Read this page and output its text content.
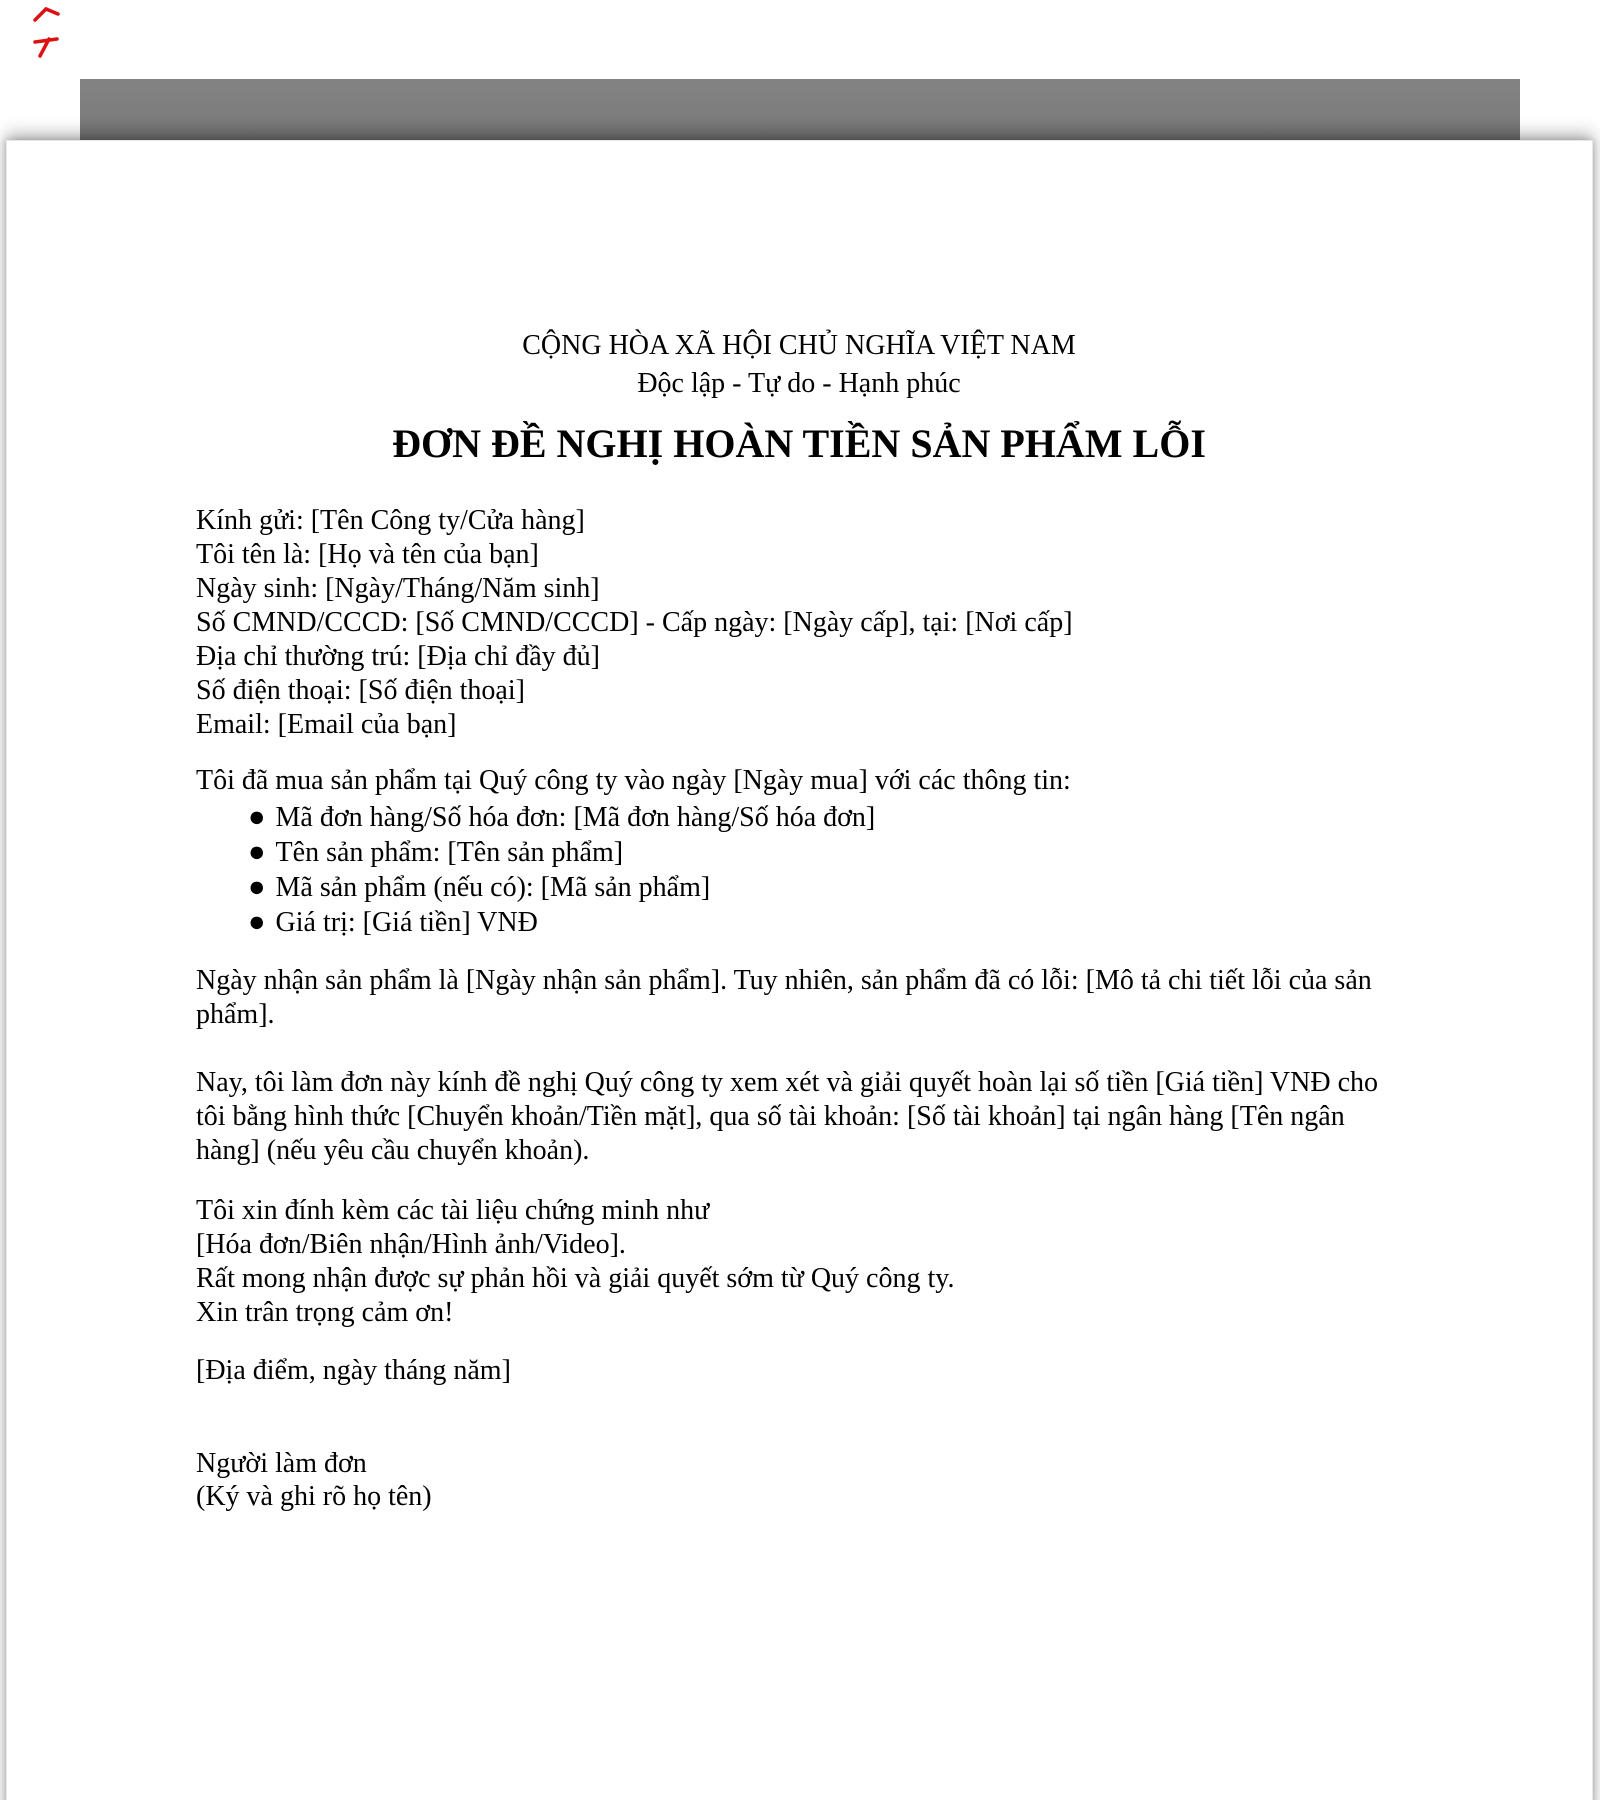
CỘNG HÒA XÃ HỘI CHỦ NGHĨA VIỆT NAM
Độc lập - Tự do - Hạnh phúc
ĐƠN ĐỀ NGHỊ HOÀN TIỀN SẢN PHẨM LỖI
Kính gửi: [Tên Công ty/Cửa hàng]
Tôi tên là: [Họ và tên của bạn]
Ngày sinh: [Ngày/Tháng/Năm sinh]
Số CMND/CCCD: [Số CMND/CCCD] - Cấp ngày: [Ngày cấp], tại: [Nơi cấp]
Địa chỉ thường trú: [Địa chỉ đầy đủ]
Số điện thoại: [Số điện thoại]
Email: [Email của bạn]
Tôi đã mua sản phẩm tại Quý công ty vào ngày [Ngày mua] với các thông tin:
● Mã đơn hàng/Số hóa đơn: [Mã đơn hàng/Số hóa đơn]
● Tên sản phẩm: [Tên sản phẩm]
● Mã sản phẩm (nếu có): [Mã sản phẩm]
● Giá trị: [Giá tiền] VNĐ
Ngày nhận sản phẩm là [Ngày nhận sản phẩm]. Tuy nhiên, sản phẩm đã có lỗi: [Mô tả chi tiết lỗi của sản phẩm].
Nay, tôi làm đơn này kính đề nghị Quý công ty xem xét và giải quyết hoàn lại số tiền [Giá tiền] VNĐ cho tôi bằng hình thức [Chuyển khoản/Tiền mặt], qua số tài khoản: [Số tài khoản] tại ngân hàng [Tên ngân hàng] (nếu yêu cầu chuyển khoản).
Tôi xin đính kèm các tài liệu chứng minh như
[Hóa đơn/Biên nhận/Hình ảnh/Video].
Rất mong nhận được sự phản hồi và giải quyết sớm từ Quý công ty.
Xin trân trọng cảm ơn!
[Địa điểm, ngày tháng năm]
Người làm đơn
(Ký và ghi rõ họ tên)
